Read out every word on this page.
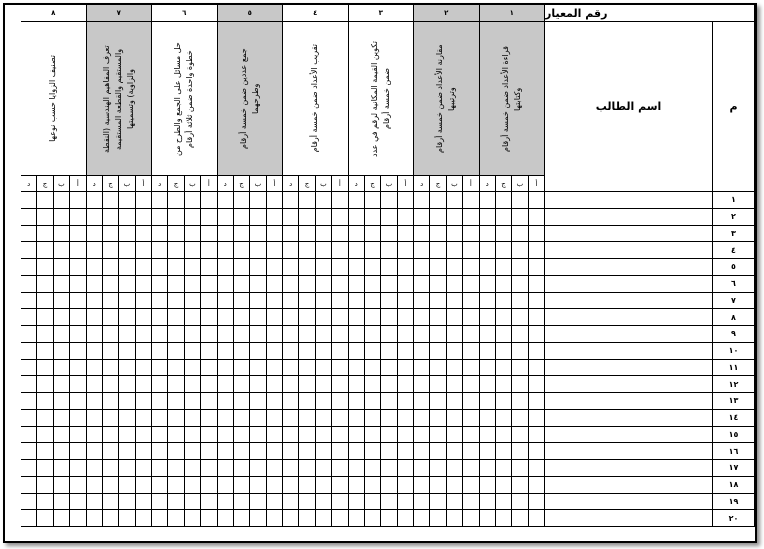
رقم المعيار
اسم الطالب	م
١
قراءة الأعداد ضمن خمسة أرقام وكتابتها
أ
ب
ج
د
٢
مقارنة الأعداد ضمن خمسة أرقام وترتيبها
أ
ب
ج
د
٣
تكوين القيمة المكانية لرقم في عدد ضمن خمسة أرقام
أ
ب
ج
د
٤
تقريب الأعداد ضمن خمسة أرقام
أ
ب
ج
د
٥
جمع عددين ضمن خمسة أرقام وطرحهما
أ
ب
ج
د
٦
حل مسائل على الجمع والطرح من خطوة واحدة ضمن ثلاثة أرقام
أ
ب
ج
د
٧
تعرف المفاهيم الهندسية (النقطة والمستقيم والقطعة المستقيمة والزاوية) وتسميتها
أ
ب
ج
د
٨
تصنيف الزوايا حسب نوعها
أ
ب
ج
د
١
٢
٣
٤
٥
٦
٧
٨
٩
١٠
١١
١٢
١٣
١٤
١٥
١٦
١٧
١٨
١٩
٢٠
